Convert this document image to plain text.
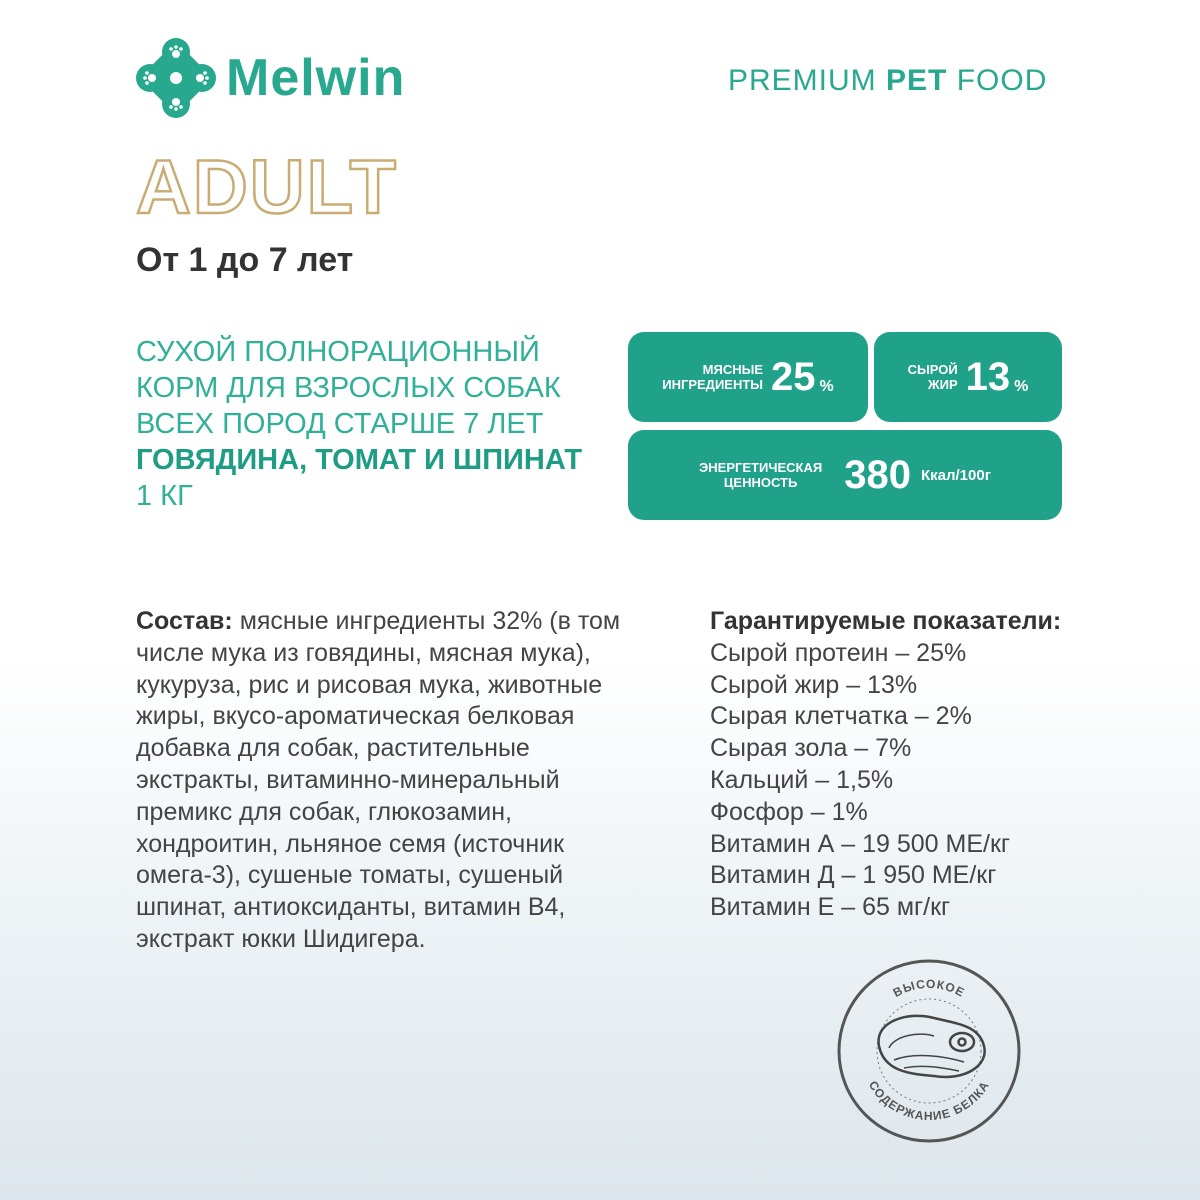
Melwin	PREMIUM PET FOOD
ADULT
От 1 до 7 лет
СУХОЙ ПОЛНОРАЦИОННЫЙ
КОРМ ДЛЯ ВЗРОСЛЫХ СОБАК
ВСЕХ ПОРОД СТАРШЕ 7 ЛЕТ
ГОВЯДИНА, ТОМАТ И ШПИНАТ
1 КГ
МЯСНЫЕ
ИНГРЕДИЕНТЫ 25 %
СЫРОЙ
ЖИР 13 %
ЭНЕРГЕТИЧЕСКАЯ
ЦЕННОСТЬ	380 Ккал/100г
Состав: мясные ингредиенты 32% (в том числе мука из говядины, мясная мука), кукуруза, рис и рисовая мука, животные жиры, вкусо-ароматическая белковая добавка для собак, растительные экстракты, витаминно-минеральный премикс для собак, глюкозамин, хондроитин, льняное семя (источник омега-3), сушеные томаты, сушеный шпинат, антиоксиданты, витамин В4, экстракт юкки Шидигера.
Гарантируемые показатели:
Сырой протеин – 25%
Сырой жир – 13%
Сырая клетчатка – 2%
Сырая зола – 7%
Кальций – 1,5%
Фосфор – 1%
Витамин А – 19 500 МЕ/кг
Витамин Д – 1 950 МЕ/кг
Витамин Е – 65 мг/кг
ВЫСОКОЕ
СОДЕРЖАНИЕ БЕЛКА
